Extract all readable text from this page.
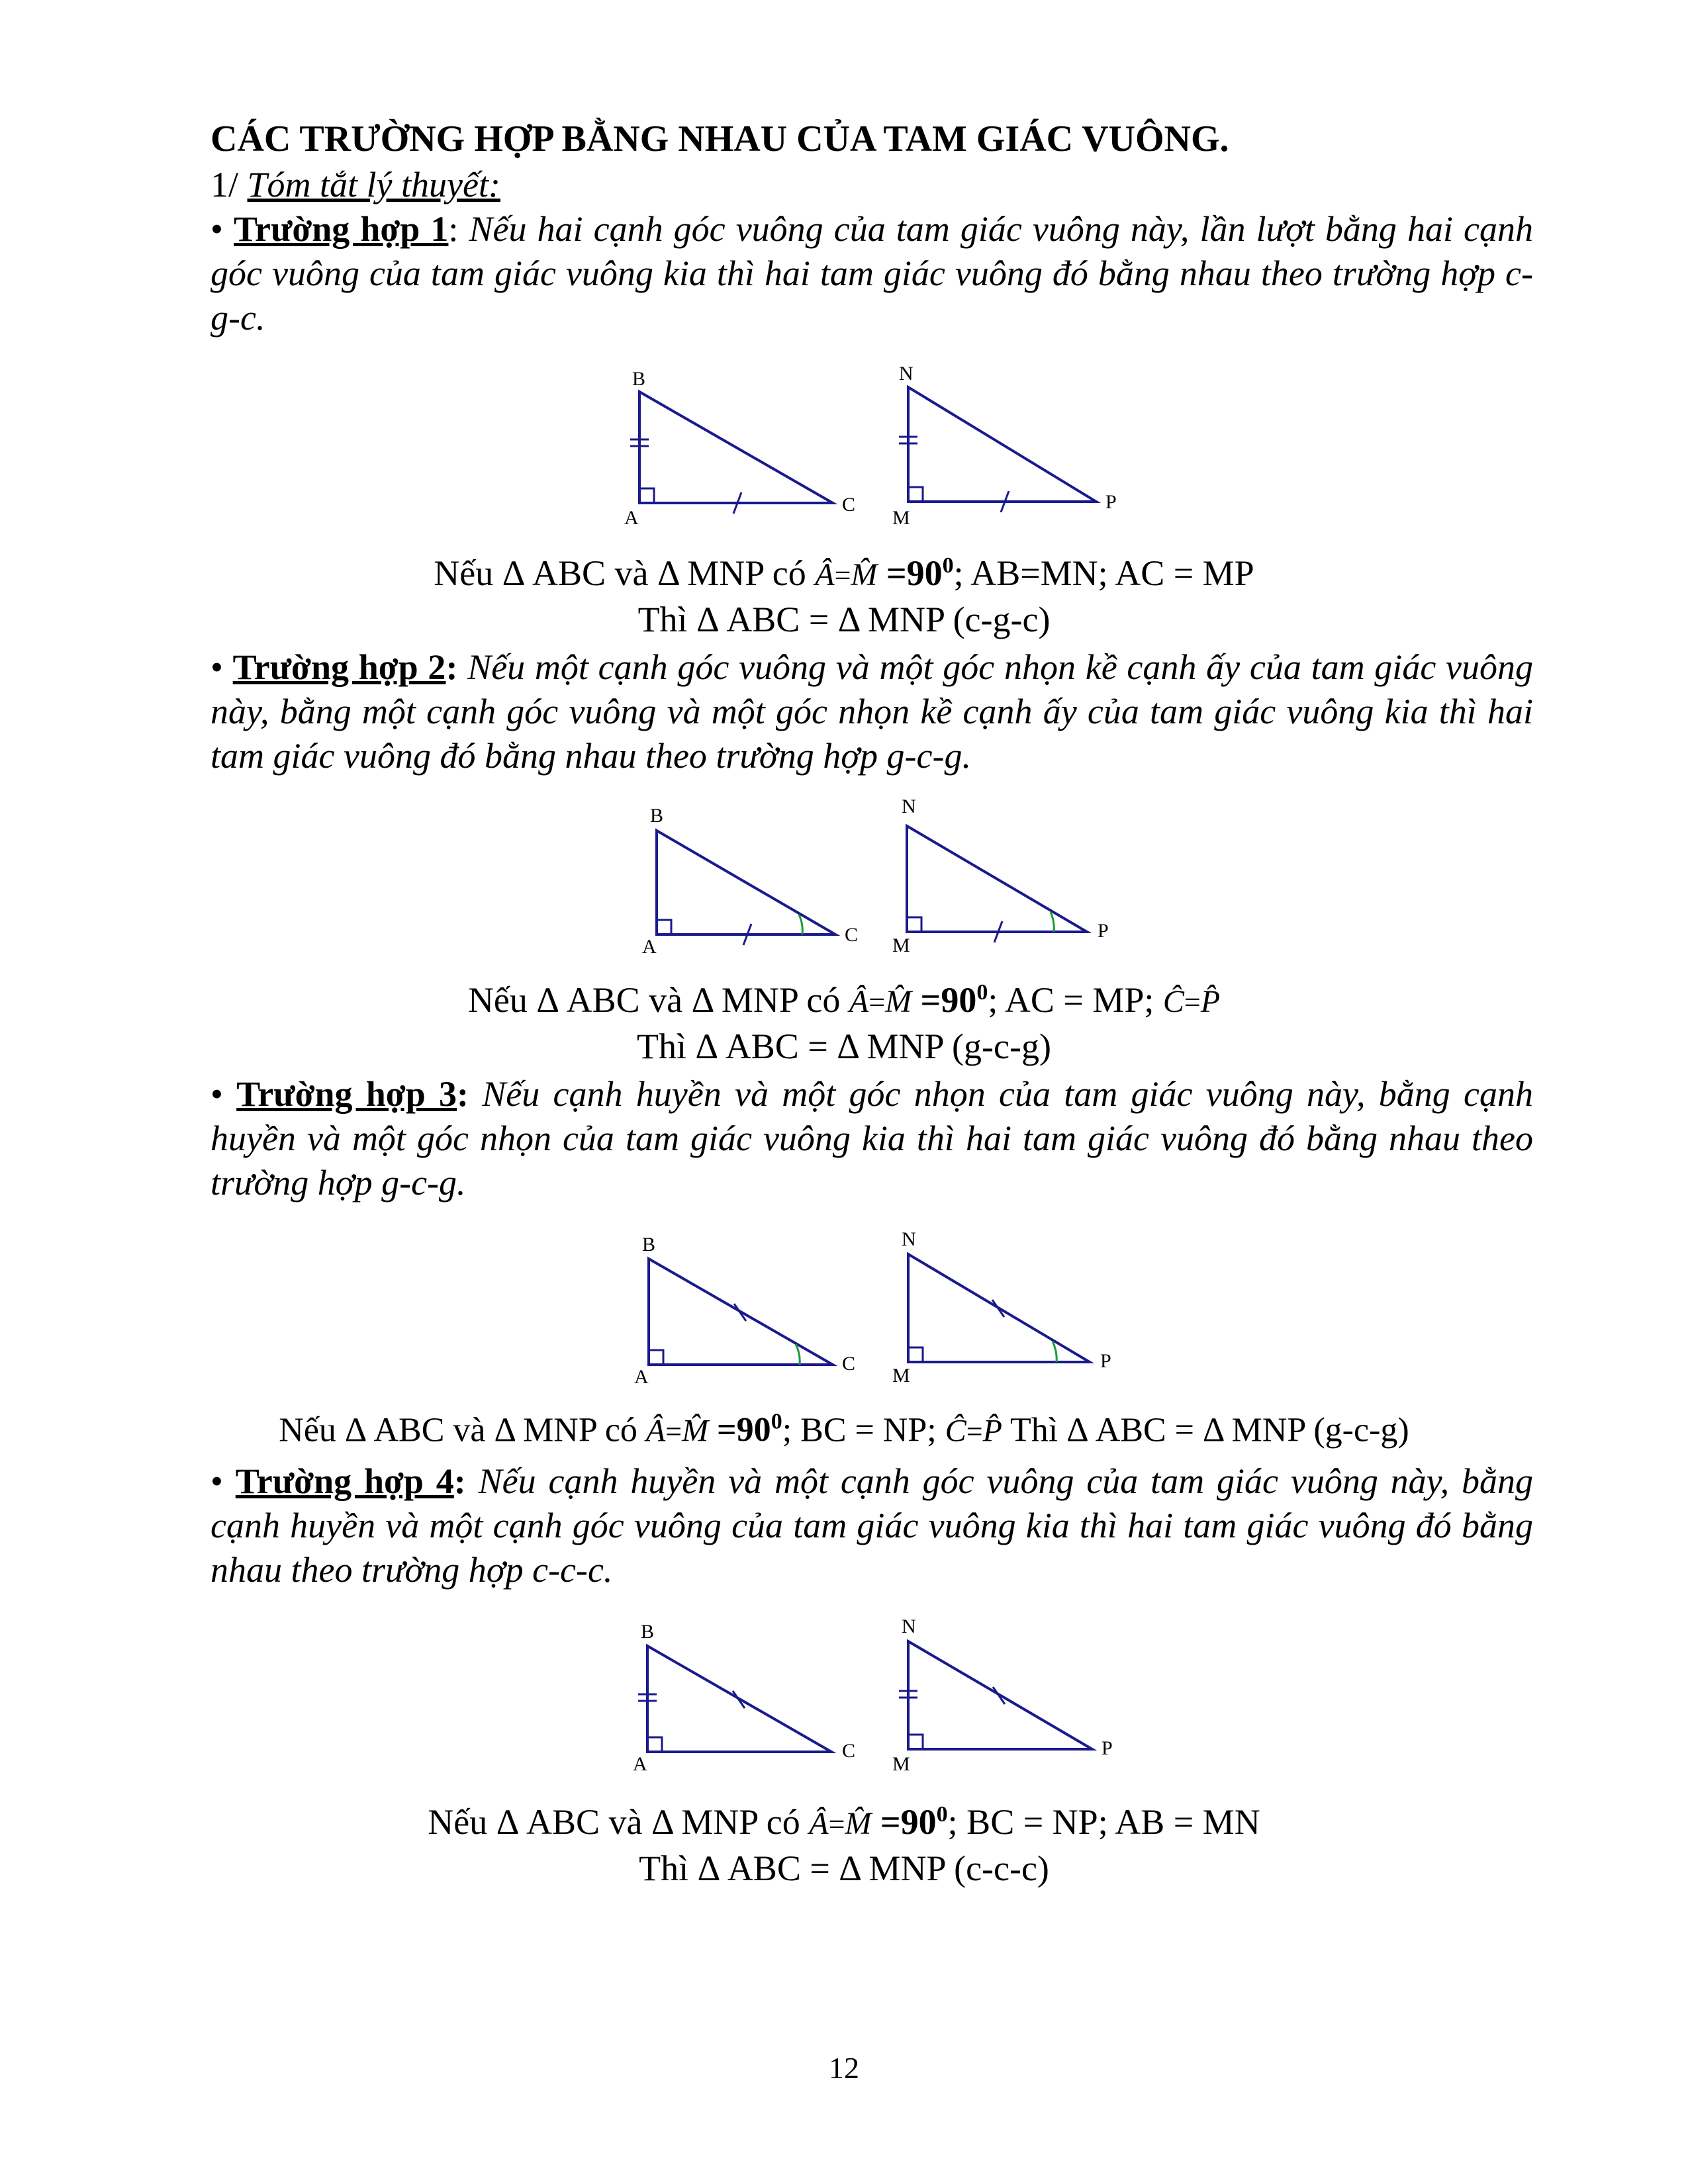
CÁC TRƯỜNG HỢP BẰNG NHAU CỦA TAM GIÁC VUÔNG.

1/ Tóm tắt lý thuyết:

• Trường hợp 1: Nếu hai cạnh góc vuông của tam giác vuông này, lần lượt bằng hai cạnh góc vuông của tam giác vuông kia thì hai tam giác vuông đó bằng nhau theo trường hợp c-g-c.

B
A
C
N
M
P

Nếu Δ ABC và Δ MNP có Â=M̂ $=90^0$; AB=MN; AC = MP

Thì Δ ABC = Δ MNP (c-g-c)

• Trường hợp 2: Nếu một cạnh góc vuông và một góc nhọn kề cạnh ấy của tam giác vuông này, bằng một cạnh góc vuông và một góc nhọn kề cạnh ấy của tam giác vuông kia thì hai tam giác vuông đó bằng nhau theo trường hợp g-c-g.

B
A
C
N
M
P

Nếu Δ ABC và Δ MNP có Â=M̂ $=90^0$; AC = MP; Ĉ=P̂

Thì Δ ABC = Δ MNP (g-c-g)

• Trường hợp 3: Nếu cạnh huyền và một góc nhọn của tam giác vuông này, bằng cạnh huyền và một góc nhọn của tam giác vuông kia thì hai tam giác vuông đó bằng nhau theo trường hợp g-c-g.

B
A
C
N
M
P

Nếu Δ ABC và Δ MNP có Â=M̂ $=90^0$; BC = NP; Ĉ=P̂ Thì Δ ABC = Δ MNP (g-c-g)

• Trường hợp 4: Nếu cạnh huyền và một cạnh góc vuông của tam giác vuông này, bằng cạnh huyền và một cạnh góc vuông của tam giác vuông kia thì hai tam giác vuông đó bằng nhau theo trường hợp c-c-c.

B
A
C
N
M
P

Nếu Δ ABC và Δ MNP có Â=M̂ $=90^0$; BC = NP; AB = MN

Thì Δ ABC = Δ MNP (c-c-c)

12
